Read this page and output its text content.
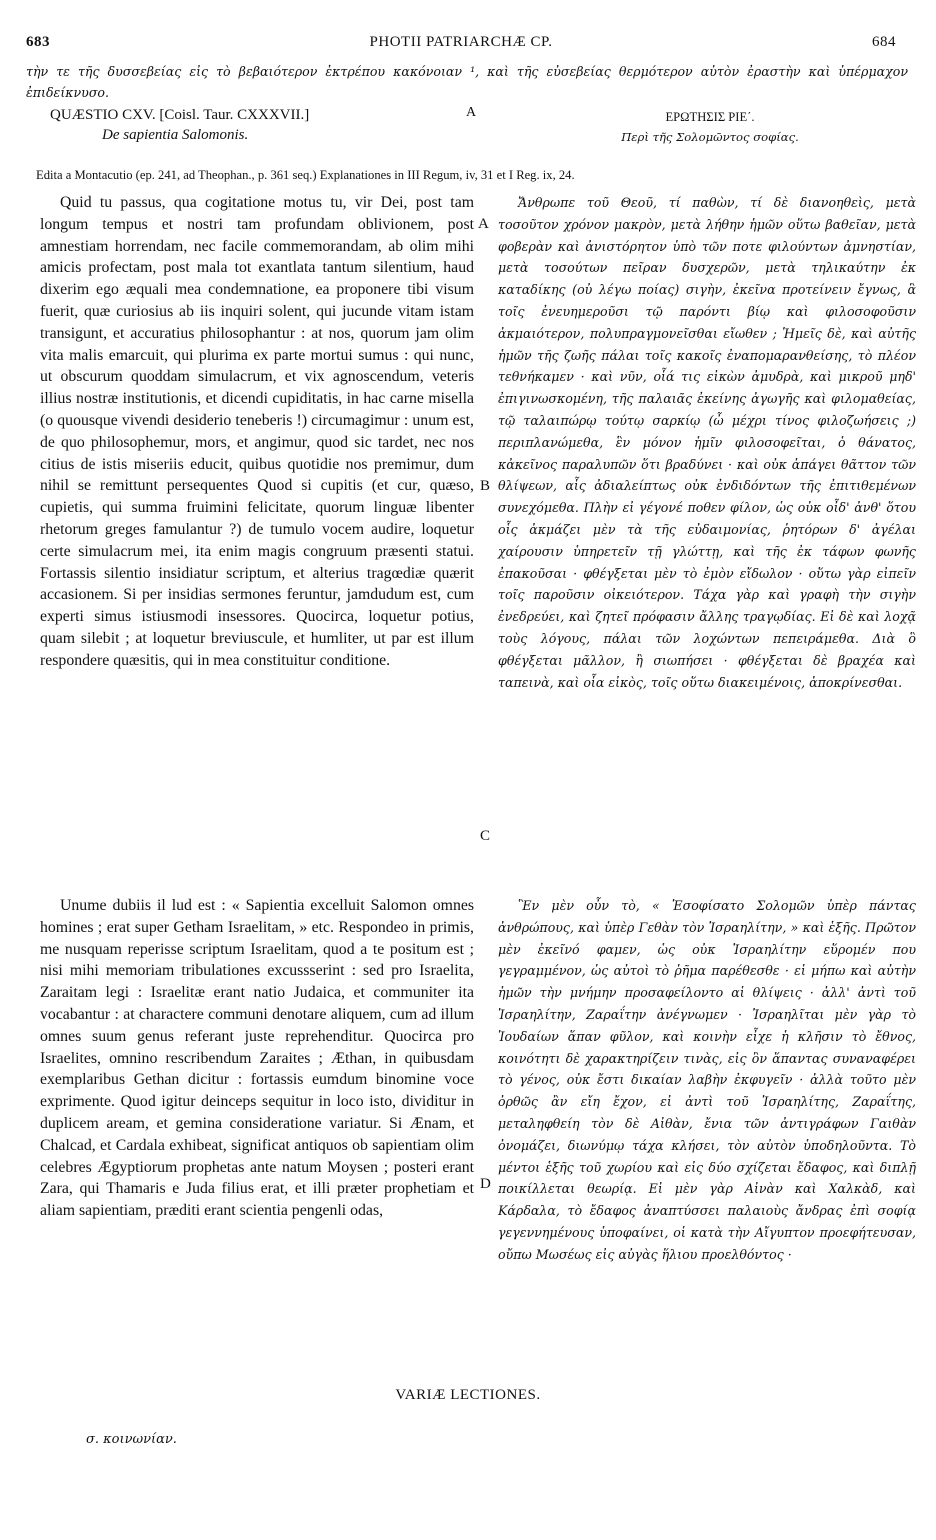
683	PHOTII PATRIARCHÆ CP.	684
τὴν τε τῆς δυσσεβείας εἰς τὸ βεβαιότερον ἐκτρέπου κακόνοιαν ¹, καὶ τῆς εὐσεβείας θερμότερον αὐτὸν ἐραστὴν καὶ ὑπέρμαχον ἐπιδείκνυσο.
QUÆSTIO CXV. [Coisl. Taur. CXXXVII.]
De sapientia Salomonis.
A	ΕΡΩΤΗΣΙΣ ΡΙΕ΄.
Περὶ τῆς Σολομῶντος σοφίας.
Edita a Montacutio (ep. 241, ad Theophan., p. 361 seq.) Explanationes in III Regum, iv, 31 et I Reg. ix, 24.

Quid tu passus, qua cogitatione motus tu, vir Dei, post tam longum tempus et nostri tam profundam oblivionem, post amnestiam horrendam, nec facile commemorandam, ab olim mihi amicis profectam, post mala tot exantlata tantum silentium, haud dixerim ego æquali mea condemnatione, ea proponere tibi visum fuerit, quæ curiosius ab iis inquiri solent, qui jucunde vitam istam transigunt, et accuratius philosophantur : at nos, quorum jam olim vita malis emarcuit, qui plurima ex parte mortui sumus : qui nunc, ut obscurum quoddam simulacrum, et vix agnoscendum, veteris illius nostræ institutionis, et dicendi cupiditatis, in hac carne misella (o quousque vivendi desiderio teneberis !) circumagimur : unum est, de quo philosophemur, mors, et angimur, quod sic tardet, nec nos citius de istis miseriis educit, quibus quotidie nos premimur, dum nihil se remittunt persequentes Quod si cupitis (et cur, quæso, cupietis, qui summa fruimini felicitate, quorum linguæ libenter rhetorum greges famulantur ?) de tumulo vocem audire, loquetur certe simulacrum mei, ita enim magis congruum præsenti statui. Fortassis silentio insidiatur scriptum, et alterius tragœdiæ quærit accasionem. Si per insidias sermones feruntur, jamdudum est, cum experti simus istiusmodi insessores. Quocirca, loquetur potius, quam silebit ; at loquetur breviuscule, et humliter, ut par est illum respondere quæsitis, qui in mea constituitur conditione.

Unume dubiis il lud est : « Sapientia excelluit Salomon omnes homines ; erat super Getham Israelitam, » etc. Respondeo in primis, me nusquam reperisse scriptum Israelitam, quod a te positum est ; nisi mihi memoriam tribulationes excussserint : sed pro Israelita, Zaraitam legi : Israelitæ erant natio Judaica, et communiter ita vocabantur : at charactere communi denotare aliquem, cum ad illum omnes suum genus referant juste reprehenditur. Quocirca pro Israelites, omnino rescribendum Zaraites ; Æthan, in quibusdam exemplaribus Gethan dicitur : fortassis eumdum binomine voce exprimente. Quod igitur deinceps sequitur in loco isto, dividitur in duplicem aream, et gemina consideratione variatur. Si Ænam, et Chalcad, et Cardala exhibeat, significat antiquos ob sapientiam olim celebres Ægyptiorum prophetas ante natum Moysen ; posteri erant Zara, qui Thamaris e Juda filius erat, et illi præter prophetiam et aliam sapientiam, præditi erant scientia pengenli odas,

Ἄνθρωπε τοῦ Θεοῦ, τί παθὼν, τί δὲ διανοηθεὶς, μετὰ τοσοῦτον χρόνον μακρὸν, μετὰ λήθην ἡμῶν οὕτω βαθεῖαν, μετὰ φοβερὰν καὶ ἀνιστόρητον ὑπὸ τῶν ποτε φιλούντων ἀμνηστίαν, μετὰ τοσούτων πεῖραν δυσχερῶν, μετὰ τηλικαύτην ἐκ καταδίκης (οὐ λέγω ποίας) σιγὴν, ἐκεῖνα προτείνειν ἔγνως, ἃ τοῖς ἐνευημεροῦσι τῷ παρόντι βίῳ καὶ φιλοσοφοῦσιν ἀκμαιότερον, πολυπραγμονεῖσθαι εἴωθεν ; Ἡμεῖς δὲ, καὶ αὐτῆς ἡμῶν τῆς ζωῆς πάλαι τοῖς κακοῖς ἐναπομαρανθείσης, τὸ πλέον τεθνήκαμεν · καὶ νῦν, οἷά τις εἰκὼν ἀμυδρὰ, καὶ μικροῦ μηδ' ἐπιγινωσκομένη, τῆς παλαιᾶς ἐκείνης ἀγωγῆς καὶ φιλομαθείας, τῷ ταλαιπώρῳ τούτῳ σαρκίῳ (ὦ μέχρι τίνος φιλοζωήσεις ;) περιπλανώμεθα, ἓν μόνον ἡμῖν φιλοσοφεῖται, ὁ θάνατος, κἀκεῖνος παραλυπῶν ὅτι βραδύνει · καὶ οὐκ ἀπάγει θᾶττον τῶν θλίψεων, αἷς ἀδιαλείπτως οὐκ ἐνδιδόντων τῆς ἐπιτιθεμένων συνεχόμεθα. Πλὴν εἰ γέγονέ ποθεν φίλον, ὡς οὐκ οἶδ' ἀνθ' ὅτου οἷς ἀκμάζει μὲν τὰ τῆς εὐδαιμονίας, ῥητόρων δ' ἀγέλαι χαίρουσιν ὑπηρετεῖν τῇ γλώττῃ, καὶ τῆς ἐκ τάφων φωνῆς ἐπακοῦσαι · φθέγξεται μὲν τὸ ἐμὸν εἴδωλον · οὕτω γὰρ εἰπεῖν τοῖς παροῦσιν οἰκειότερον. Τάχα γὰρ καὶ γραφὴ τὴν σιγὴν ἐνεδρεύει, καὶ ζητεῖ πρόφασιν ἄλλης τραγῳδίας. Εἰ δὲ καὶ λοχᾷ τοὺς λόγους, πάλαι τῶν λοχώντων πεπειράμεθα. Διὰ ὃ φθέγξεται μᾶλλον, ἢ σιωπήσει · φθέγξεται δὲ βραχέα καὶ ταπεινὰ, καὶ οἷα εἰκὸς, τοῖς οὕτω διακειμένοις, ἀποκρίνεσθαι.

Ἓν μὲν οὖν τὸ, « Ἐσοφίσατο Σολομῶν ὑπὲρ πάντας ἀνθρώπους, καὶ ὑπὲρ Γεθὰν τὸν Ἰσραηλίτην, » καὶ ἑξῆς. Πρῶτον μὲν ἐκεῖνό φαμεν, ὡς οὐκ Ἰσραηλίτην εὕρομέν που γεγραμμένον, ὡς αὐτοὶ τὸ ῥῆμα παρέθεσθε · εἰ μήπω καὶ αὐτὴν ἡμῶν τὴν μνήμην προσαφείλοντο αἱ θλίψεις · ἀλλ' ἀντὶ τοῦ Ἰσραηλίτην, Ζαραΐτην ἀνέγνωμεν · Ἰσραηλῖται μὲν γὰρ τὸ Ἰουδαίων ἅπαν φῦλον, καὶ κοινὴν εἶχε ἡ κλῆσιν τὸ ἔθνος, κοινότητι δὲ χαρακτηρίζειν τινὰς, εἰς ὃν ἅπαντας συναναφέρει τὸ γένος, οὐκ ἔστι δικαίαν λαβὴν ἐκφυγεῖν · ἀλλὰ τοῦτο μὲν ὀρθῶς ἂν εἴη ἔχον, εἰ ἀντὶ τοῦ Ἰσραηλίτης, Ζαραΐτης, μεταληφθείη τὸν δὲ Αἰθὰν, ἔνια τῶν ἀντιγράφων Γαιθὰν ὀνομάζει, διωνύμῳ τάχα κλήσει, τὸν αὐτὸν ὑποδηλοῦντα. Τὸ μέντοι ἑξῆς τοῦ χωρίου καὶ εἰς δύο σχίζεται ἔδαφος, καὶ διπλῇ ποικίλλεται θεωρίᾳ. Εἰ μὲν γὰρ Αἰνὰν καὶ Χαλκὰδ, καὶ Κάρδαλα, τὸ ἔδαφος ἀναπτύσσει παλαιοὺς ἄνδρας ἐπὶ σοφίᾳ γεγεννημένους ὑποφαίνει, οἱ κατὰ τὴν Αἴγυπτον προεφήτευσαν, οὔπω Μωσέως εἰς αὐγὰς ἥλιου προελθόντος ·

A
B
C
D
VARIÆ LECTIONES.
σ. κοινωνίαν.
